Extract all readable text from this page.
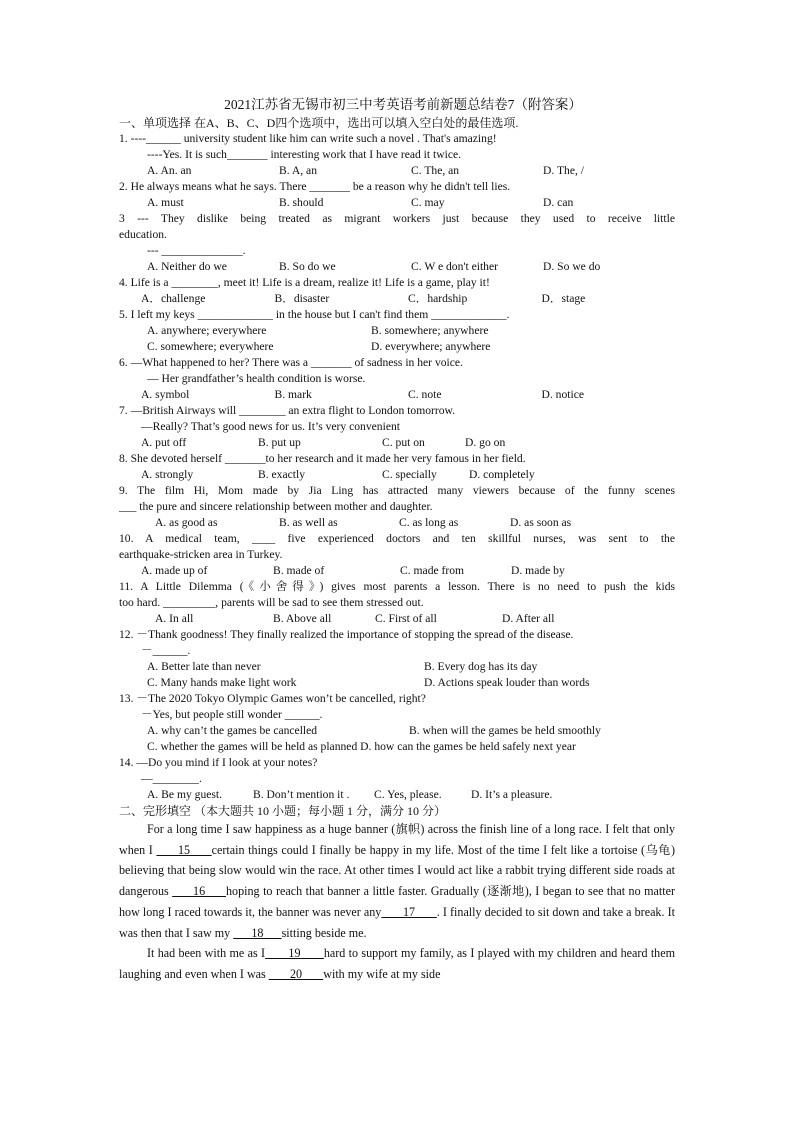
2021江苏省无锡市初三中考英语考前新题总结卷7（附答案）
一、单项选择 在A、B、C、D四个选项中，选出可以填入空白处的最佳选项.
1. ----______ university student like him can write such a novel . That's amazing!
----Yes. It is such_______ interesting work that I have read it twice.
A. An. an	B. A, an	C. The, an	D. The, /
2. He always means what he says. There _______ be a reason why he didn't tell lies.
A. must	B. should	C. may	D. can
3 --- They dislike being treated as migrant workers just because they used to receive little
education.
--- ______________.
A. Neither do we	B. So do we	C. W e don't either	D. So we do
4. Life is a ________, meet it! Life is a dream, realize it! Life is a game, play it!
A．challenge	B．disaster	C．hardship	D．stage
5. I left my keys _____________ in the house but I can't find them _____________.
A. anywhere; everywhere	B. somewhere; anywhere
C. somewhere; everywhere	D. everywhere; anywhere
6. —What happened to her? There was a _______ of sadness in her voice.
— Her grandfather’s health condition is worse.
A. symbol	B. mark	C. note	D. notice
7. —British Airways will ________ an extra flight to London tomorrow.
—Really? That’s good news for us. It’s very convenient
A. put off	B. put up	C. put on	D. go on
8. She devoted herself _______to her research and it made her very famous in her field.
A. strongly	B. exactly	C. specially	D. completely
9. The film Hi, Mom made by Jia Ling has attracted many viewers because of the funny scenes
___ the pure and sincere relationship between mother and daughter.
A. as good as	B. as well as	C. as long as	D. as soon as
10. A medical team, ____ five experienced doctors and ten skillful nurses, was sent to the
earthquake-stricken area in Turkey.
A. made up of	B. made of	C. made from	D. made by
11. A Little Dilemma (《小舍得》) gives most parents a lesson. There is no need to push the kids
too hard. _________, parents will be sad to see them stressed out.
A. In all	B. Above all	C. First of all	D. After all
12. －Thank goodness! They finally realized the importance of stopping the spread of the disease.
－______.
A. Better late than never	B. Every dog has its day
C. Many hands make light work	D. Actions speak louder than words
13. －The 2020 Tokyo Olympic Games won’t be cancelled, right?
－Yes, but people still wonder ______.
A. why can’t the games be cancelled	B. when will the games be held smoothly
C. whether the games will be held as planned D. how can the games be held safely next year
14. —Do you mind if I look at your notes?
—________.
A. Be my guest.	B. Don’t mention it .	C. Yes, please.	D. It’s a pleasure.
二、完形填空 （本大题共 10 小题；每小题 1 分，满分 10 分）

For a long time I saw happiness as a huge banner (旗帜) across the finish line of a long race. I felt that only when I       15      certain things could I finally be happy in my life. Most of the time I felt like a tortoise (乌龟) believing that being slow would win the race. At other times I would act like a rabbit trying different side roads at dangerous       16      hoping to reach that banner a little faster. Gradually (逐渐地), I began to see that no matter how long I raced towards it, the banner was never any       17       . I finally decided to sit down and take a break. It was then that I saw my       18      sitting beside me.

It had been with me as I       19       hard to support my family, as I played with my children and heard them laughing and even when I was        20       with my wife at my side
